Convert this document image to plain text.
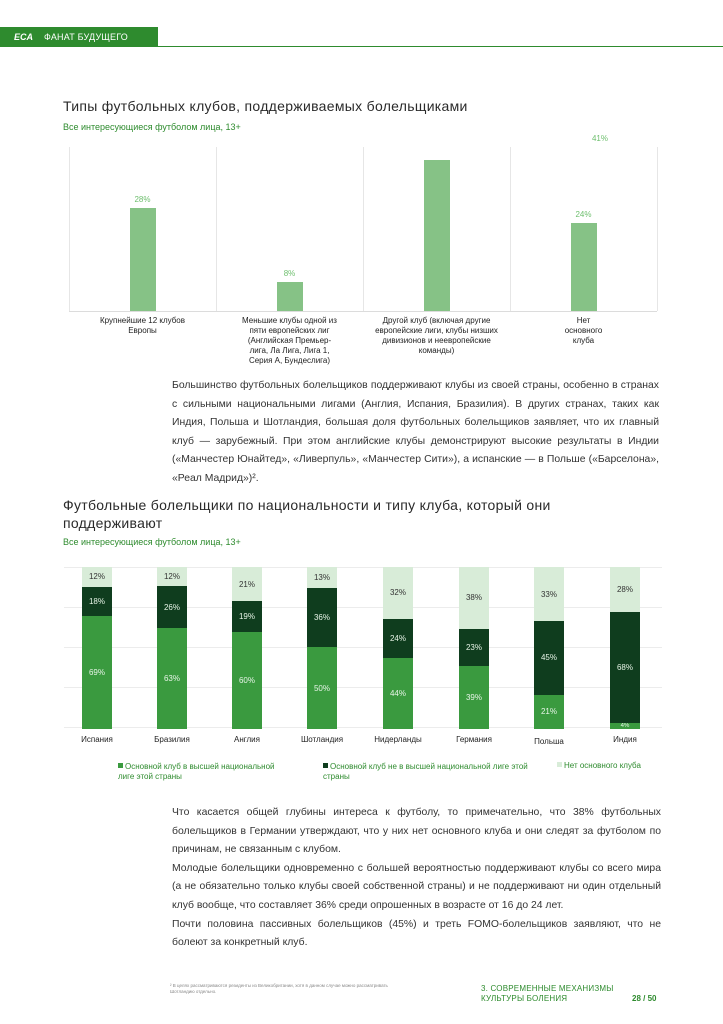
ECA	ФАНАТ БУДУЩЕГО
Типы футбольных клубов, поддерживаемых болельщиками
Все интересующиеся футболом лица, 13+
28%
Крупнейшие 12 клубов Европы
8%
Меньшие клубы одной из пяти европейских лиг (Английская Премьер-лига, Ла Лига, Лига 1, Серия А, Бундеслига)
41%
Другой клуб (включая другие европейские лиги, клубы низших дивизионов и неевропейские команды)
24%
Нет основного клуба

Большинство футбольных болельщиков поддерживают клубы из своей страны, особенно в странах с сильными национальными лигами (Англия, Испания, Бразилия). В других странах, таких как Индия, Польша и Шотландия, большая доля футбольных болельщиков заявляет, что их главный клуб — зарубежный. При этом английские клубы демонстрируют высокие результаты в Индии («Манчестер Юнайтед», «Ливерпуль», «Манчестер Сити»), а испанские — в Польше («Барселона», «Реал Мадрид»)².

Футбольные болельщики по национальности и типу клуба, который они поддерживают
Все интересующиеся футболом лица, 13+
69%
18%
12%
Испания
63%
26%
12%
Бразилия
60%
19%
21%
Англия
50%
36%
13%
Шотландия
44%
24%
32%
Нидерланды
39%
23%
38%
Германия
21%
45%
33%
Польша
4%
68%
28%
Индия
Основной клуб в высшей национальной лиге этой страны
Основной клуб не в высшей национальной лиге этой страны
Нет основного клуба

Что касается общей глубины интереса к футболу, то примечательно, что 38% футбольных болельщиков в Германии утверждают, что у них нет основного клуба и они следят за футболом по причинам, не связанным с клубом.

Молодые болельщики одновременно с большей вероятностью поддерживают клубы со всего мира (а не обязательно только клубы своей собственной страны) и не поддерживают ни один отдельный клуб вообще, что составляет 36% среди опрошенных в возрасте от 16 до 24 лет.

Почти половина пассивных болельщиков (45%) и треть FOMO-болельщиков заявляют, что не болеют за конкретный клуб.

² В целях рассматриваются резиденты из Великобритании, хотя в данном случае можно рассматривать Шотландию отдельно.	3. СОВРЕМЕННЫЕ МЕХАНИЗМЫ
КУЛЬТУРЫ БОЛЕНИЯ	28 / 50
